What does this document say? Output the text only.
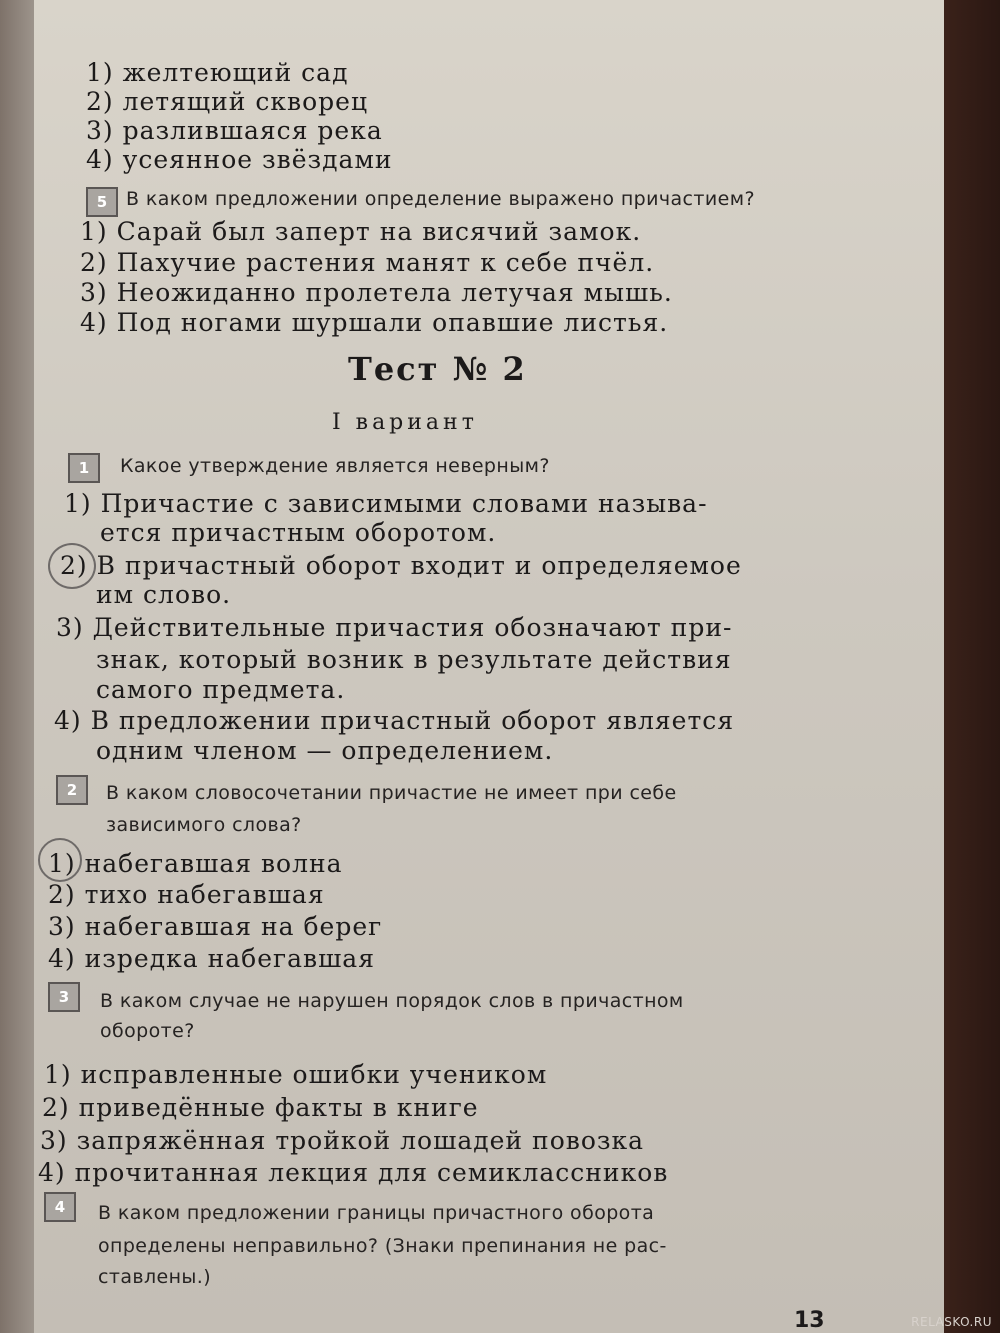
1) желтеющий сад
2) летящий скворец
3) разлившаяся река
4) усеянное звёздами
5 В каком предложении определение выражено причастием?
1) Сарай был заперт на висячий замок.
2) Пахучие растения манят к себе пчёл.
3) Неожиданно пролетела летучая мышь.
4) Под ногами шуршали опавшие листья.
Тест № 2
I вариант
1	Какое утверждение является неверным?
1) Причастие с зависимыми словами называ-
ется причастным оборотом.
2) В причастный оборот входит и определяемое
им слово.
3) Действительные причастия обозначают при-
знак, который возник в результате действия
самого предмета.
4) В предложении причастный оборот является
одним членом — определением.
2	В каком словосочетании причастие не имеет при себе
зависимого слова?
1) набегавшая волна
2) тихо набегавшая
3) набегавшая на берег
4) изредка набегавшая
3	В каком случае не нарушен порядок слов в причастном
обороте?
1) исправленные ошибки учеником
2) приведённые факты в книге
3) запряжённая тройкой лошадей повозка
4) прочитанная лекция для семиклассников
4	В каком предложении границы причастного оборота
определены неправильно? (Знаки препинания не рас-
ставлены.)
13	RELASKO.RU
